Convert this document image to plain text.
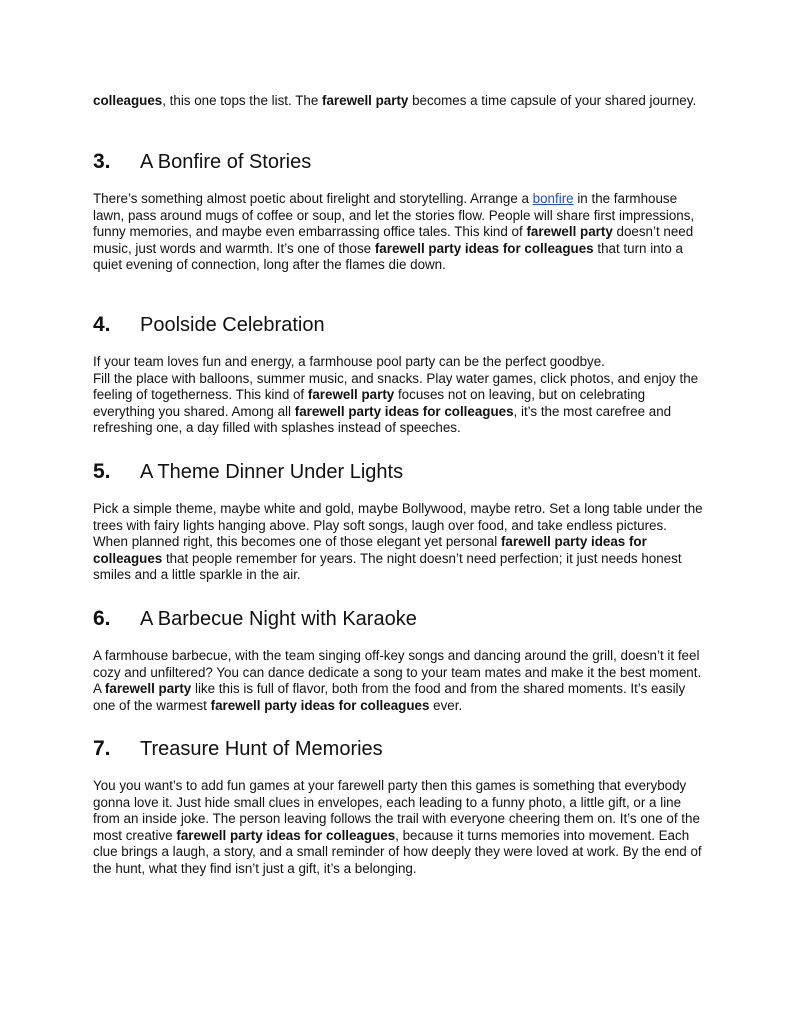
colleagues, this one tops the list. The farewell party becomes a time capsule of your shared journey.

3.	A Bonfire of Stories

There’s something almost poetic about firelight and storytelling. Arrange a bonfire in the farmhouse lawn, pass around mugs of coffee or soup, and let the stories flow. People will share first impressions, funny memories, and maybe even embarrassing office tales. This kind of farewell party doesn’t need music, just words and warmth. It’s one of those farewell party ideas for colleagues that turn into a quiet evening of connection, long after the flames die down.

4.	Poolside Celebration

If your team loves fun and energy, a farmhouse pool party can be the perfect goodbye.
Fill the place with balloons, summer music, and snacks. Play water games, click photos, and enjoy the feeling of togetherness. This kind of farewell party focuses not on leaving, but on celebrating everything you shared. Among all farewell party ideas for colleagues, it’s the most carefree and refreshing one, a day filled with splashes instead of speeches.

5.	A Theme Dinner Under Lights

Pick a simple theme, maybe white and gold, maybe Bollywood, maybe retro. Set a long table under the trees with fairy lights hanging above. Play soft songs, laugh over food, and take endless pictures. When planned right, this becomes one of those elegant yet personal farewell party ideas for colleagues that people remember for years. The night doesn’t need perfection; it just needs honest smiles and a little sparkle in the air.

6.	A Barbecue Night with Karaoke

A farmhouse barbecue, with the team singing off-key songs and dancing around the grill, doesn’t it feel cozy and unfiltered? You can dance dedicate a song to your team mates and make it the best moment. A farewell party like this is full of flavor, both from the food and from the shared moments. It’s easily one of the warmest farewell party ideas for colleagues ever.

7.	Treasure Hunt of Memories

You you want’s to add fun games at your farewell party then this games is something that everybody gonna love it. Just hide small clues in envelopes, each leading to a funny photo, a little gift, or a line from an inside joke. The person leaving follows the trail with everyone cheering them on. It’s one of the most creative farewell party ideas for colleagues, because it turns memories into movement. Each clue brings a laugh, a story, and a small reminder of how deeply they were loved at work. By the end of the hunt, what they find isn’t just a gift, it’s a belonging.
